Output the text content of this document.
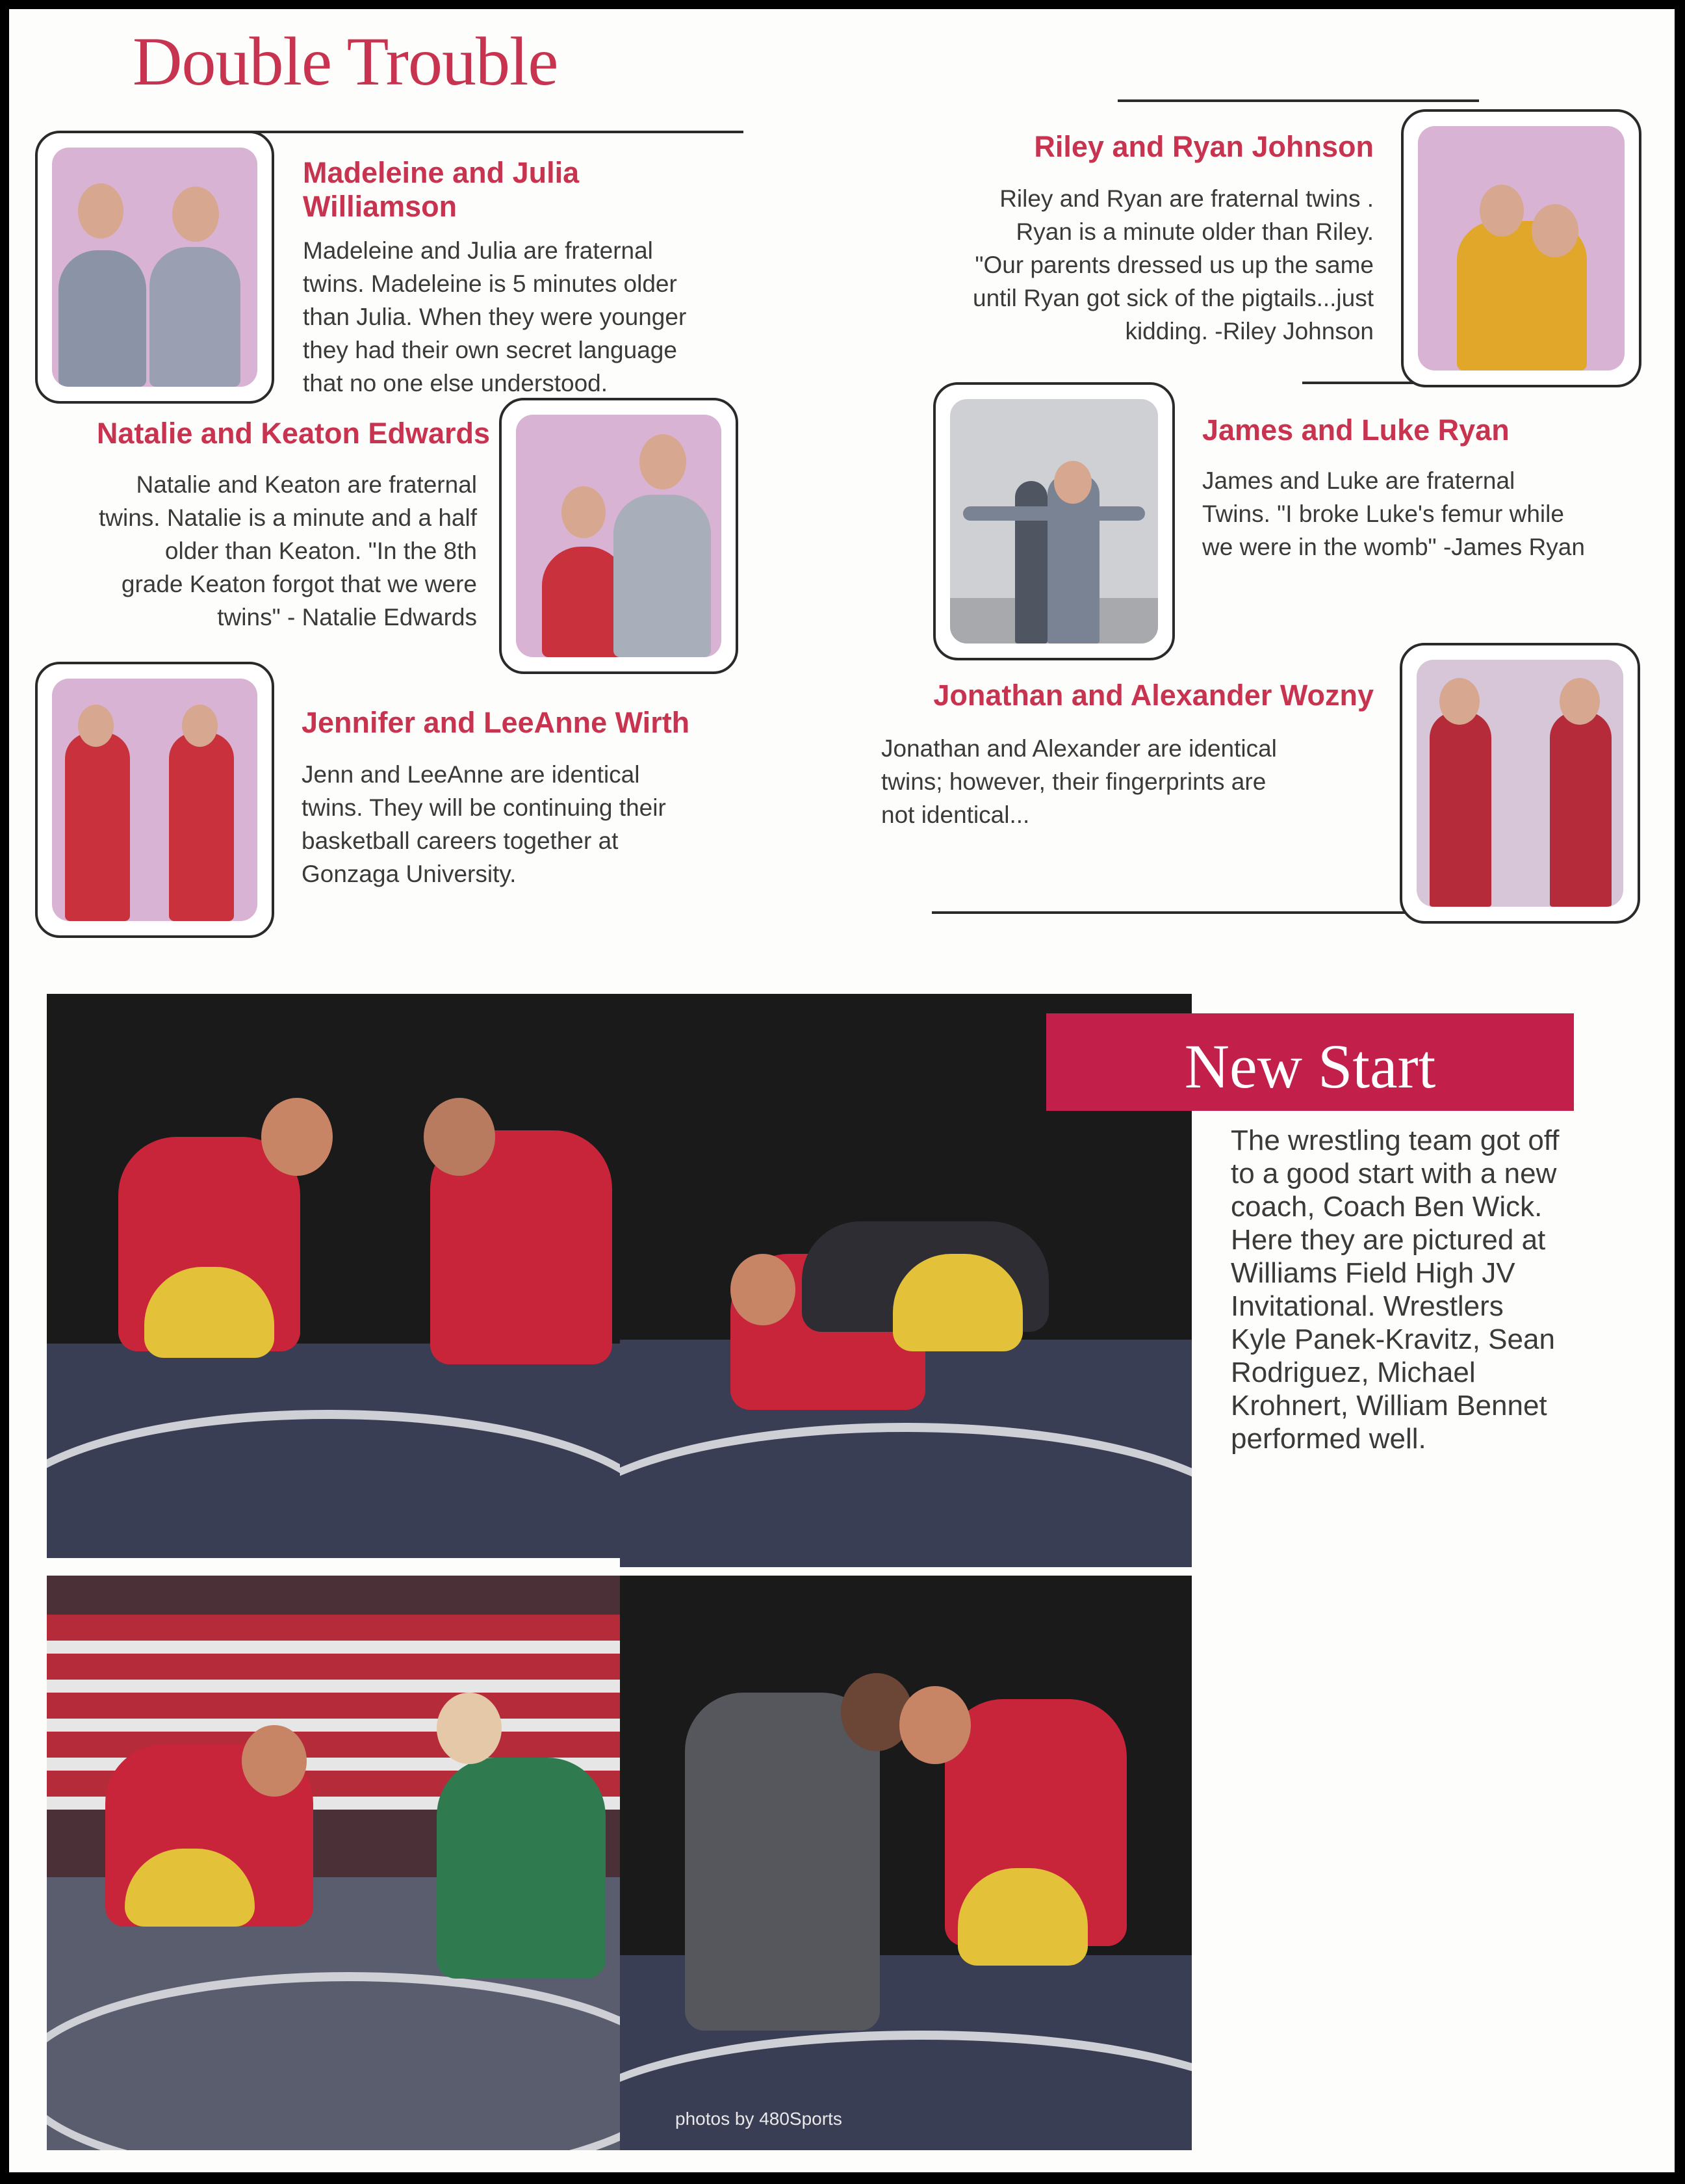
Double Trouble
Madeleine and Julia
Williamson
Madeleine and Julia are fraternal
twins. Madeleine is 5 minutes older
than Julia. When they were younger
they had their own secret language
that no one else understood.
Natalie and Keaton Edwards
Natalie and Keaton are fraternal
twins. Natalie is a minute and a half
older than Keaton. "In the 8th
grade Keaton forgot that we were
twins" - Natalie Edwards
Jennifer and LeeAnne Wirth
Jenn and LeeAnne are identical
twins. They will be continuing their
basketball careers together at
Gonzaga University.
Riley and Ryan Johnson
Riley and Ryan are fraternal twins .
Ryan is a minute older than Riley.
"Our parents dressed us up the same
until Ryan got sick of the pigtails...just
kidding. -Riley Johnson
James and Luke Ryan
James and Luke are fraternal
Twins. "I broke Luke's femur while
we were in the womb" -James Ryan
Jonathan and Alexander Wozny
Jonathan and Alexander are identical
twins; however, their fingerprints are
not identical...
photos by 480Sports
New Start
The wrestling team got off
to a good start with a new
coach, Coach Ben Wick.
Here they are pictured at
Williams Field High JV
Invitational. Wrestlers
Kyle Panek-Kravitz, Sean
Rodriguez, Michael
Krohnert, William Bennet
performed well.
